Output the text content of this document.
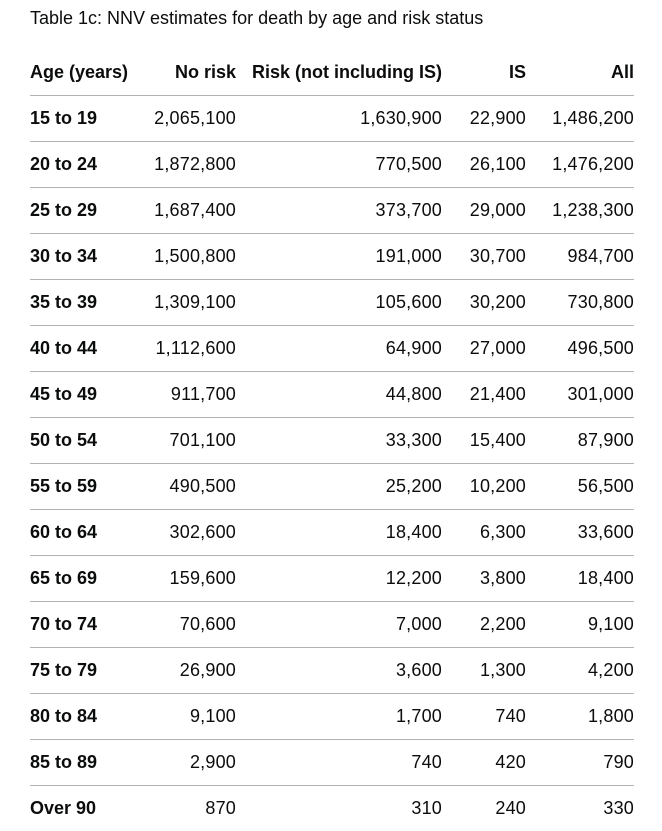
Table 1c: NNV estimates for death by age and risk status
Age (years)	No risk	Risk (not including IS)	IS	All
15 to 19	2,065,100	1,630,900	22,900	1,486,200
20 to 24	1,872,800	770,500	26,100	1,476,200
25 to 29	1,687,400	373,700	29,000	1,238,300
30 to 34	1,500,800	191,000	30,700	984,700
35 to 39	1,309,100	105,600	30,200	730,800
40 to 44	1,112,600	64,900	27,000	496,500
45 to 49	911,700	44,800	21,400	301,000
50 to 54	701,100	33,300	15,400	87,900
55 to 59	490,500	25,200	10,200	56,500
60 to 64	302,600	18,400	6,300	33,600
65 to 69	159,600	12,200	3,800	18,400
70 to 74	70,600	7,000	2,200	9,100
75 to 79	26,900	3,600	1,300	4,200
80 to 84	9,100	1,700	740	1,800
85 to 89	2,900	740	420	790
Over 90	870	310	240	330
